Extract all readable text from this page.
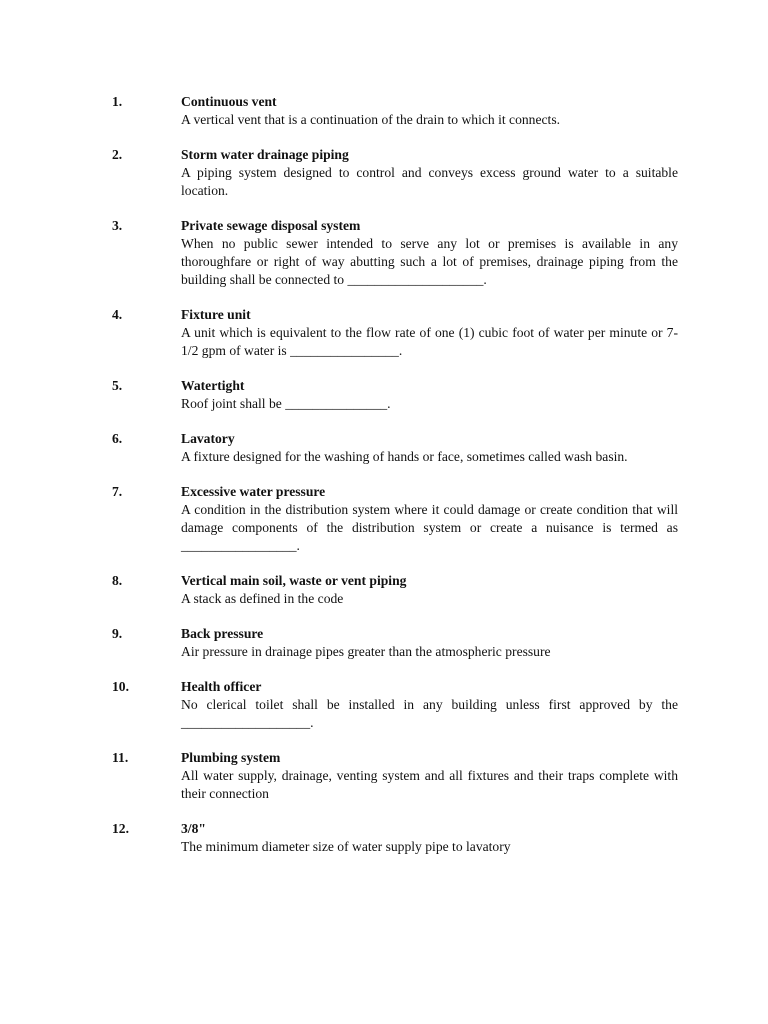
1.	Continuous vent
A vertical vent that is a continuation of the drain to which it connects.
2.	Storm water drainage piping
A piping system designed to control and conveys excess ground water to a suitable location.
3.	Private sewage disposal system
When no public sewer intended to serve any lot or premises is available in any thoroughfare or right of way abutting such a lot of premises, drainage piping from the building shall be connected to ____________________.
4.	Fixture unit
A unit which is equivalent to the flow rate of one (1) cubic foot of water per minute or 7-1/2 gpm of water is ________________.
5.	Watertight
Roof joint shall be _______________.
6.	Lavatory
A fixture designed for the washing of hands or face, sometimes called wash basin.
7.	Excessive water pressure
A condition in the distribution system where it could damage or create condition that will damage components of the distribution system or create a nuisance is termed as _________________.
8.	Vertical main soil, waste or vent piping
A stack as defined in the code
9.	Back pressure
Air pressure in drainage pipes greater than the atmospheric pressure
10.	Health officer
No clerical toilet shall be installed in any building unless first approved by the ___________________.
11.	Plumbing system
All water supply, drainage, venting system and all fixtures and their traps complete with their connection
12.	3/8"
The minimum diameter size of water supply pipe to lavatory
